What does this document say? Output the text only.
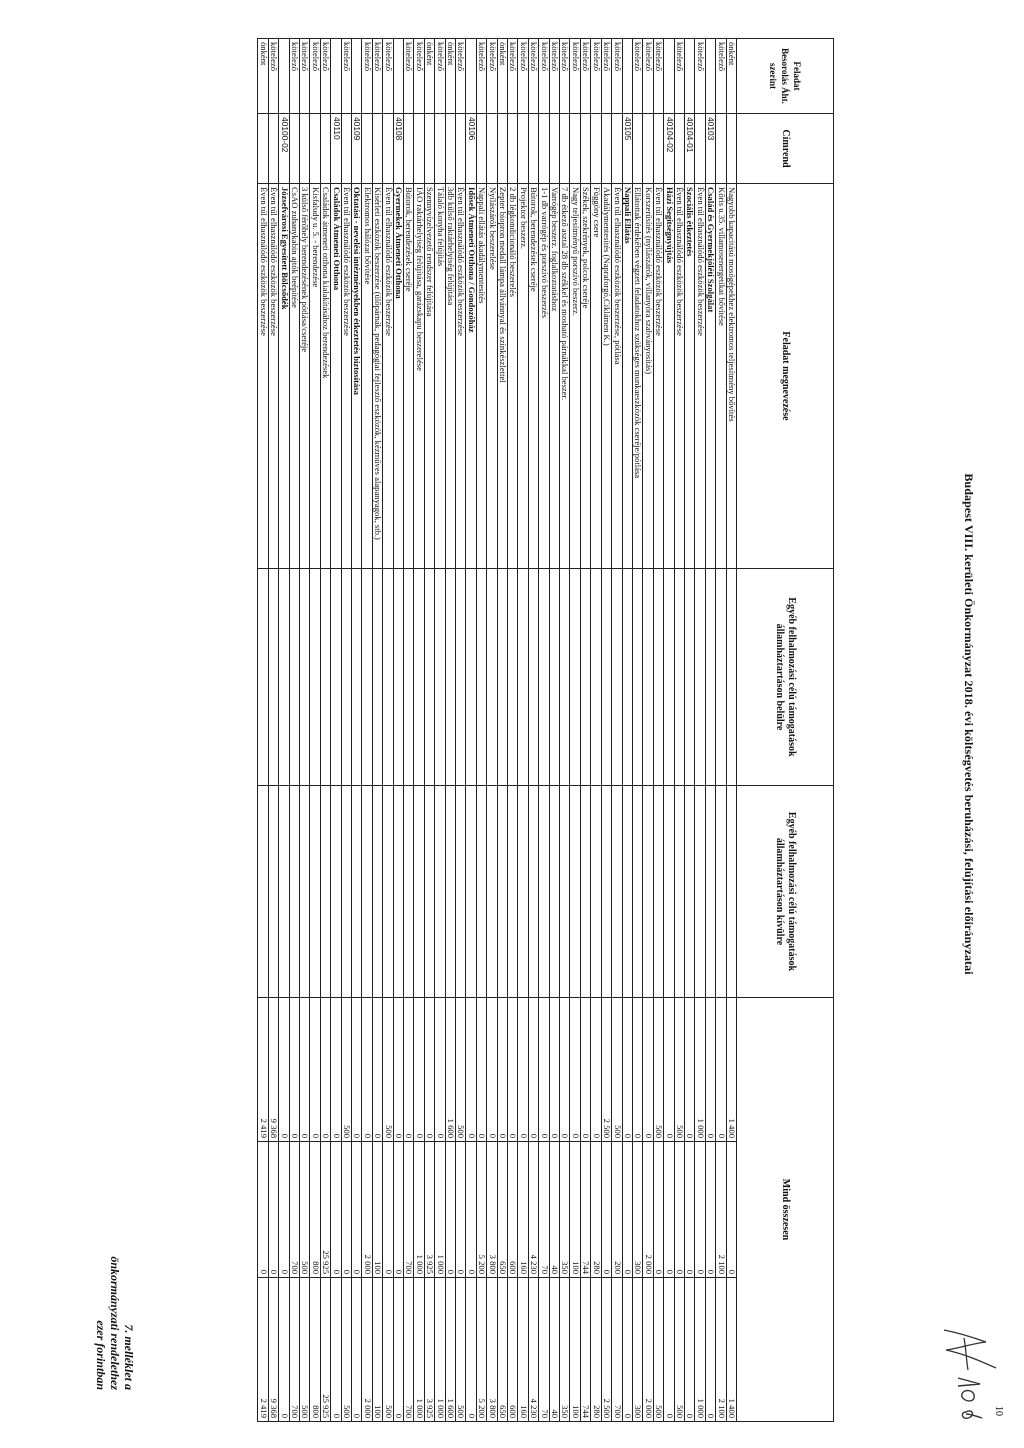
Budapest VIII. kerületi Önkormányzat 2018. évi költségvetés beruházási, felújítási előirányzatai
10
7. melléklet a
önkormányzati rendelethez
ezer forintban
Feladat Besorolás Áht. szerint	Címrend	Feladat megnevezése	Egyéb felhalmozási célú támogatások államháztartáson belülre	Egyéb felhalmozási célú támogatások államháztartáson kívülre	Mind összesen		
önként		Nagyobb kapacitású mosógépekhez elektromos teljesítmény bővítés			1 400	0	1 400
kötelező		Kőris u.35. villamosenergetikai bővítése			0	2 100	2 100
	40103	Család és Gyermekjóléti Szolgálat			0	0	0
kötelező		Éven túl elhasználódó eszközök beszerzése			1 000	0	1 000
	40104-01	Szociális étkeztetés			0	0	0
kötelező		Éven túl elhasználódó eszközök beszerzése			500	0	500
	40104-02	Házi Segítségnyújtás			0	0	0
kötelező		Éven túl elhasználódó eszközök beszerzése			500	0	500
kötelező		Korszerűsítés (nyílászárók, villanyóra szabványosítás)			0	2 000	2 000
kötelező		Ellátottak érdekében végzett feladatokhoz szükséges munkaeszközök cseréje/pótlása			0	300	300
	40105	Nappali Ellátás			0	0	0
kötelező		Éven túl elhasználódó eszközök beszerzése, pótlása			500	200	700
kötelező		Akadálymentesítés (Napraforgó,Ciklámen K.)			2 500	0	2 500
kötelező		Függöny csere			0	280	280
kötelező		Székek, szekrények, polcok cseréje			0	744	744
kötelező		Nagy teljesítményű porszívó beszerz.			0	100	100
kötelező		7 db étkező asztal 28 db székkel és mosható párnákkal beszer.			0	350	350
kötelező		Varrógép beszerz. foglalkoztatáshoz			0	40	40
kötelező		1-1 db varrógép és porszívó beszerzés			0	70	70
kötelező		Bútorok, berendezések cseréje			0	4 230	4 230
kötelező		Projektor beszerz.			0	160	160
kötelező		2 db légkondicionáló beszerelés			0	600	600
önként		Zepter biopron medall lámpa állvánnyal és színkészlettel			0	650	650
kötelező		Nyílászárók beszerelése			0	3 800	3 800
kötelező		Nappali ellátás akadálymentesítés			0	5 200	5 200
	40106	Idősek Átmeneti Otthona / Gondozóház			0	0	0
kötelező		Éven túl elhasználódó eszközök beszerzése			500	0	500
önként		3db külső raktárhelyiség felújítása			1 600	0	1 600
kötelező		Tálaló konyha felújítás			0	1 000	1 000
önként		Szennyvízelvezető rendszer felújítása			0	3 925	3 925
kötelező		IÁO raktárhelyiség felújítása, garázskapu beszerelése			0	1 000	1 000
kötelező		Bútorok, berendezések cseréje			0	700	700
	40108	Gyermekek Átmeneti Otthona			0	0	0
kötelező		Éven túl elhasználódó eszközök beszerzése			500	0	500
kötelező		Kísérleti eszközök beszerzése (ülőpárnák, pedagógiai fejlesztő eszközök, kézműves alapanyagok, stb.)			0	100	100
kötelező		Elektromos hálózat bővítése			0	2 000	2 000
	40109	Oktatási - nevelési intézményekben étkeztetés biztosítása			0	0	0
kötelező		Éven túl elhasználódó eszközök beszerzése			500	0	500
	40110	Családok Átmeneti Otthona			0	0	0
kötelező		Családok átmeneti otthona kialakításához berendezések			0	25 925	25 925
kötelező		Kisfaludy u. 5. - berendezése			0	800	800
kötelező		3 külső férőhely berendezésének pótlása/cseréje			0	500	500
kötelező		CsAO zuhanykabin ajtók beépítése			0	700	700
	40100-02	Józsefvárosi Egyesített Bölcsődék			0	0	0
kötelező		Éven túl elhasználódó eszközök beszerzése			9 368	0	9 368
önként		Éven túl elhasználódó eszközök beszerzése			2 419	0	2 419
